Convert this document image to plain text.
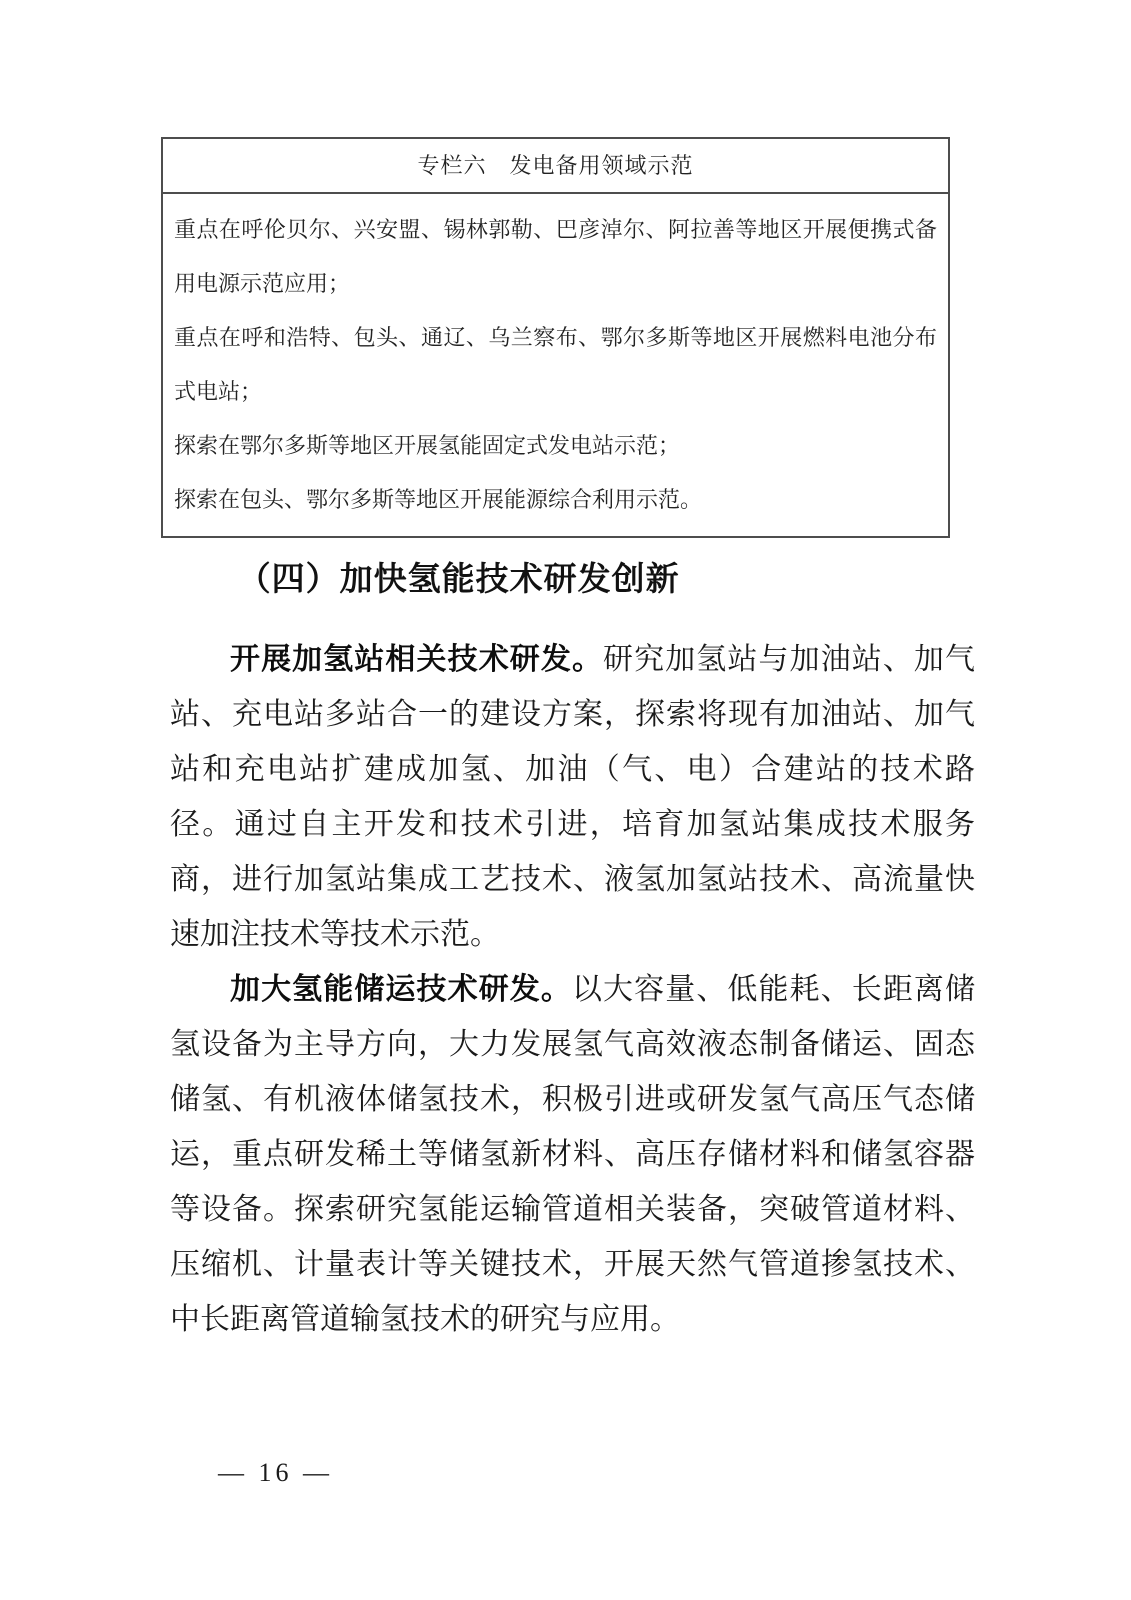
专栏六　发电备用领域示范

重点在呼伦贝尔、兴安盟、锡林郭勒、巴彦淖尔、阿拉善等地区开展便携式备用电源示范应用；

重点在呼和浩特、包头、通辽、乌兰察布、鄂尔多斯等地区开展燃料电池分布式电站；

探索在鄂尔多斯等地区开展氢能固定式发电站示范；

探索在包头、鄂尔多斯等地区开展能源综合利用示范。

（四）加快氢能技术研发创新

开展加氢站相关技术研发。研究加氢站与加油站、加气站、充电站多站合一的建设方案，探索将现有加油站、加气站和充电站扩建成加氢、加油（气、电）合建站的技术路径。通过自主开发和技术引进，培育加氢站集成技术服务商，进行加氢站集成工艺技术、液氢加氢站技术、高流量快速加注技术等技术示范。

加大氢能储运技术研发。以大容量、低能耗、长距离储氢设备为主导方向，大力发展氢气高效液态制备储运、固态储氢、有机液体储氢技术，积极引进或研发氢气高压气态储运，重点研发稀土等储氢新材料、高压存储材料和储氢容器等设备。探索研究氢能运输管道相关装备，突破管道材料、压缩机、计量表计等关键技术，开展天然气管道掺氢技术、中长距离管道输氢技术的研究与应用。

— 16 —
